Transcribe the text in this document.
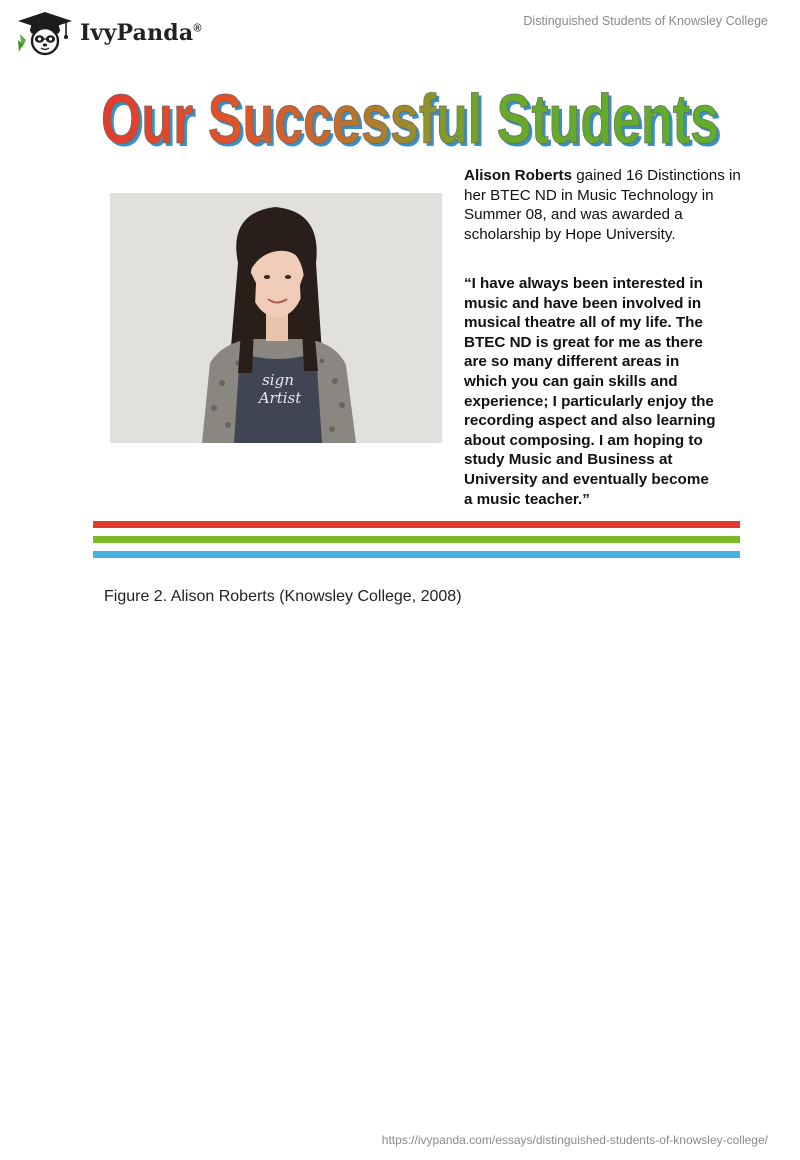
IvyPanda®
Distinguished Students of Knowsley College
Our Successful Students
Our Successful Students
sign
Artist
Alison Roberts gained 16 Distinctions in her BTEC ND in Music Technology in Summer 08, and was awarded a scholarship by Hope University.
“I have always been interested in
music and have been involved in
musical theatre all of my life. The
BTEC ND is great for me as there
are so many different areas in
which you can gain skills and
experience; I particularly enjoy the
recording aspect and also learning
about composing. I am hoping to
study Music and Business at
University and eventually become
a music teacher.”
Figure 2. Alison Roberts (Knowsley College, 2008)
https://ivypanda.com/essays/distinguished-students-of-knowsley-college/
